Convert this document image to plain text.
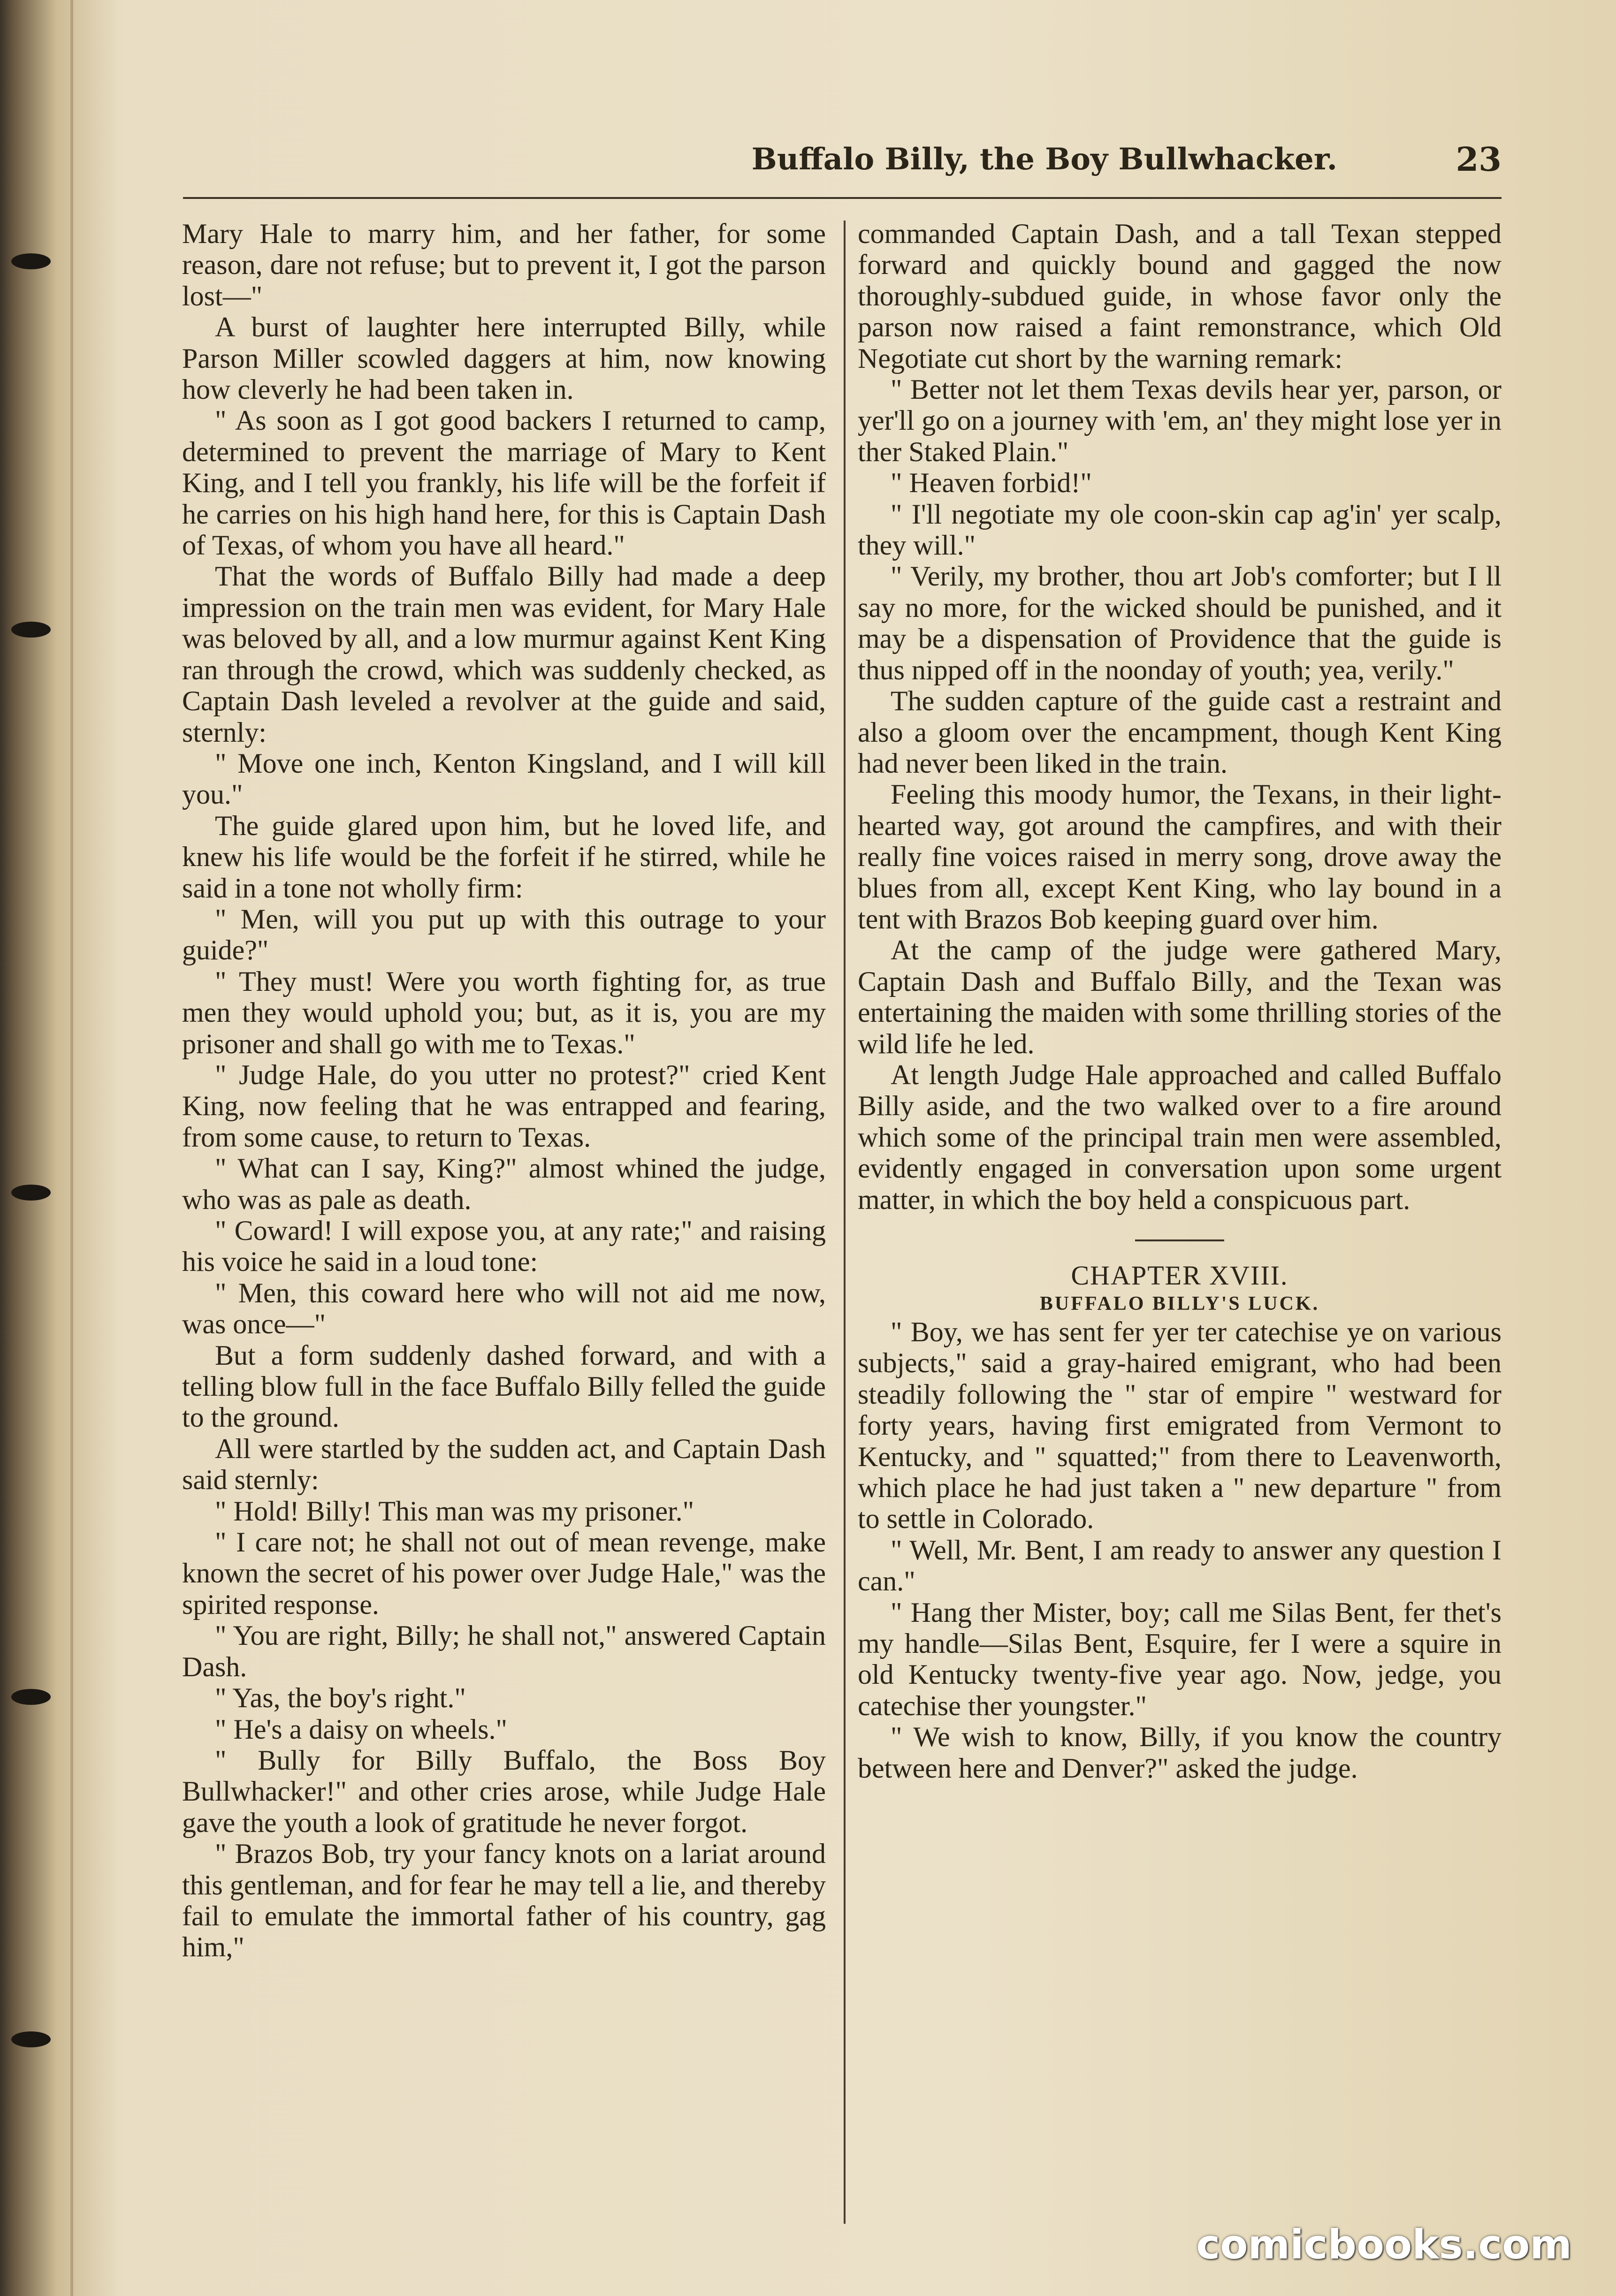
Buffalo Billy, the Boy Bullwhacker.	23

Mary Hale to marry him, and her father, for some reason, dare not refuse; but to prevent it, I got the parson lost—"

A burst of laughter here interrupted Billy, while Parson Miller scowled daggers at him, now knowing how cleverly he had been taken in.

" As soon as I got good backers I returned to camp, determined to prevent the marriage of Mary to Kent King, and I tell you frankly, his life will be the forfeit if he carries on his high hand here, for this is Captain Dash of Texas, of whom you have all heard."

That the words of Buffalo Billy had made a deep impression on the train men was evident, for Mary Hale was beloved by all, and a low murmur against Kent King ran through the crowd, which was suddenly checked, as Captain Dash leveled a revolver at the guide and said, sternly:

" Move one inch, Kenton Kingsland, and I will kill you."

The guide glared upon him, but he loved life, and knew his life would be the forfeit if he stirred, while he said in a tone not wholly firm:

" Men, will you put up with this outrage to your guide?"

" They must! Were you worth fighting for, as true men they would uphold you; but, as it is, you are my prisoner and shall go with me to Texas."

" Judge Hale, do you utter no protest?" cried Kent King, now feeling that he was entrapped and fearing, from some cause, to return to Texas.

" What can I say, King?" almost whined the judge, who was as pale as death.

" Coward! I will expose you, at any rate;" and raising his voice he said in a loud tone:

" Men, this coward here who will not aid me now, was once—"

But a form suddenly dashed forward, and with a telling blow full in the face Buffalo Billy felled the guide to the ground.

All were startled by the sudden act, and Captain Dash said sternly:

" Hold! Billy! This man was my prisoner."

" I care not; he shall not out of mean revenge, make known the secret of his power over Judge Hale," was the spirited response.

" You are right, Billy; he shall not," answered Captain Dash.

" Yas, the boy's right."

" He's a daisy on wheels."

" Bully for Billy Buffalo, the Boss Boy Bullwhacker!" and other cries arose, while Judge Hale gave the youth a look of gratitude he never forgot.

" Brazos Bob, try your fancy knots on a lariat around this gentleman, and for fear he may tell a lie, and thereby fail to emulate the immortal father of his country, gag him,"

commanded Captain Dash, and a tall Texan stepped forward and quickly bound and gagged the now thoroughly-subdued guide, in whose favor only the parson now raised a faint remonstrance, which Old Negotiate cut short by the warning remark:

" Better not let them Texas devils hear yer, parson, or yer'll go on a journey with 'em, an' they might lose yer in ther Staked Plain."

" Heaven forbid!"

" I'll negotiate my ole coon-skin cap ag'in' yer scalp, they will."

" Verily, my brother, thou art Job's comforter; but I ll say no more, for the wicked should be punished, and it may be a dispensation of Providence that the guide is thus nipped off in the noonday of youth; yea, verily."

The sudden capture of the guide cast a restraint and also a gloom over the encampment, though Kent King had never been liked in the train.

Feeling this moody humor, the Texans, in their light-hearted way, got around the campfires, and with their really fine voices raised in merry song, drove away the blues from all, except Kent King, who lay bound in a tent with Brazos Bob keeping guard over him.

At the camp of the judge were gathered Mary, Captain Dash and Buffalo Billy, and the Texan was entertaining the maiden with some thrilling stories of the wild life he led.

At length Judge Hale approached and called Buffalo Billy aside, and the two walked over to a fire around which some of the principal train men were assembled, evidently engaged in conversation upon some urgent matter, in which the boy held a conspicuous part.

CHAPTER XVIII.
BUFFALO BILLY'S LUCK.

" Boy, we has sent fer yer ter catechise ye on various subjects," said a gray-haired emigrant, who had been steadily following the " star of empire " westward for forty years, having first emigrated from Vermont to Kentucky, and " squatted;" from there to Leavenworth, which place he had just taken a " new departure " from to settle in Colorado.

" Well, Mr. Bent, I am ready to answer any question I can."

" Hang ther Mister, boy; call me Silas Bent, fer thet's my handle—Silas Bent, Esquire, fer I were a squire in old Kentucky twenty-five year ago. Now, jedge, you catechise ther youngster."

" We wish to know, Billy, if you know the country between here and Denver?" asked the judge.

comicbooks.com
